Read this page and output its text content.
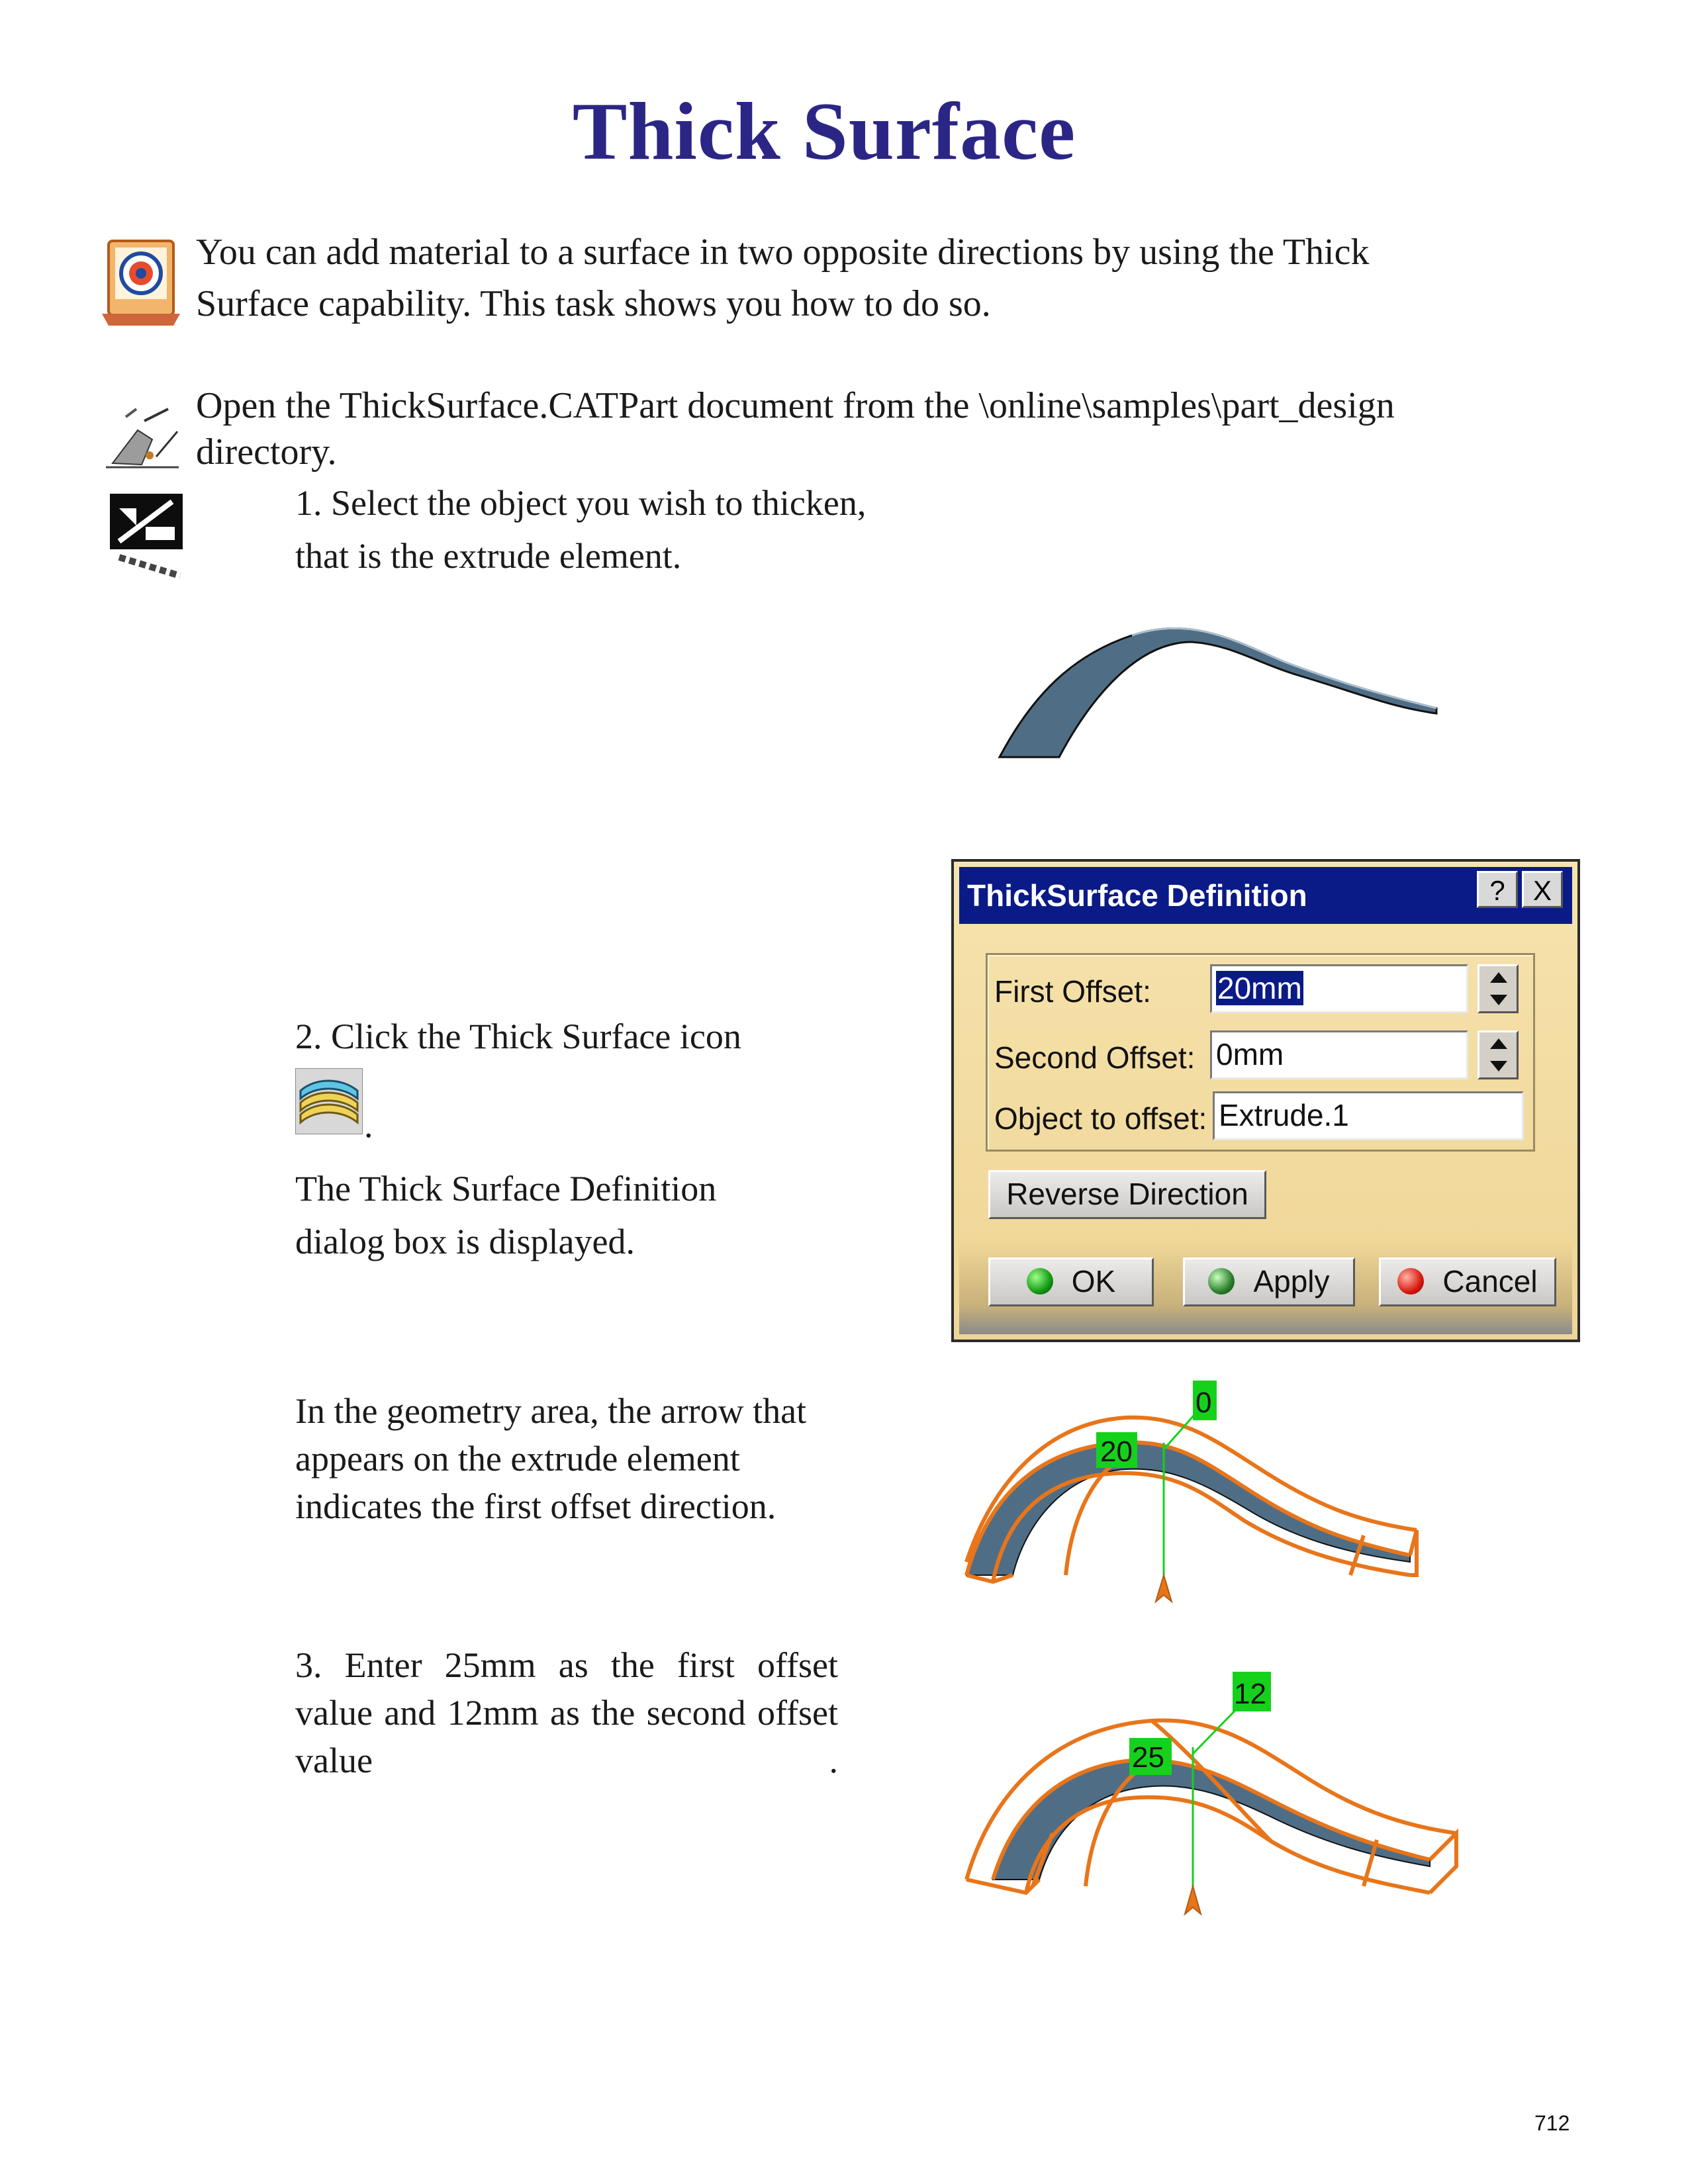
Thick Surface
You can add material to a surface in two opposite directions by using the Thick Surface capability. This task shows you how to do so.
Open the ThickSurface.CATPart document from the \online\samples\part_design directory.
1. Select the object you wish to thicken, that is the extrude element.
2. Click the Thick Surface icon
.
The Thick Surface Definition dialog box is displayed.
ThickSurface Definition	?	X
First Offset: 20mm
Second Offset: 0mm
Object to offset: Extrude.1
Reverse Direction
OK	Apply	Cancel
In the geometry area, the arrow that appears on the extrude element indicates the first offset direction.
20
0
3. Enter 25mm as the first offset value and 12mm as the second offset value .	25
12
712
